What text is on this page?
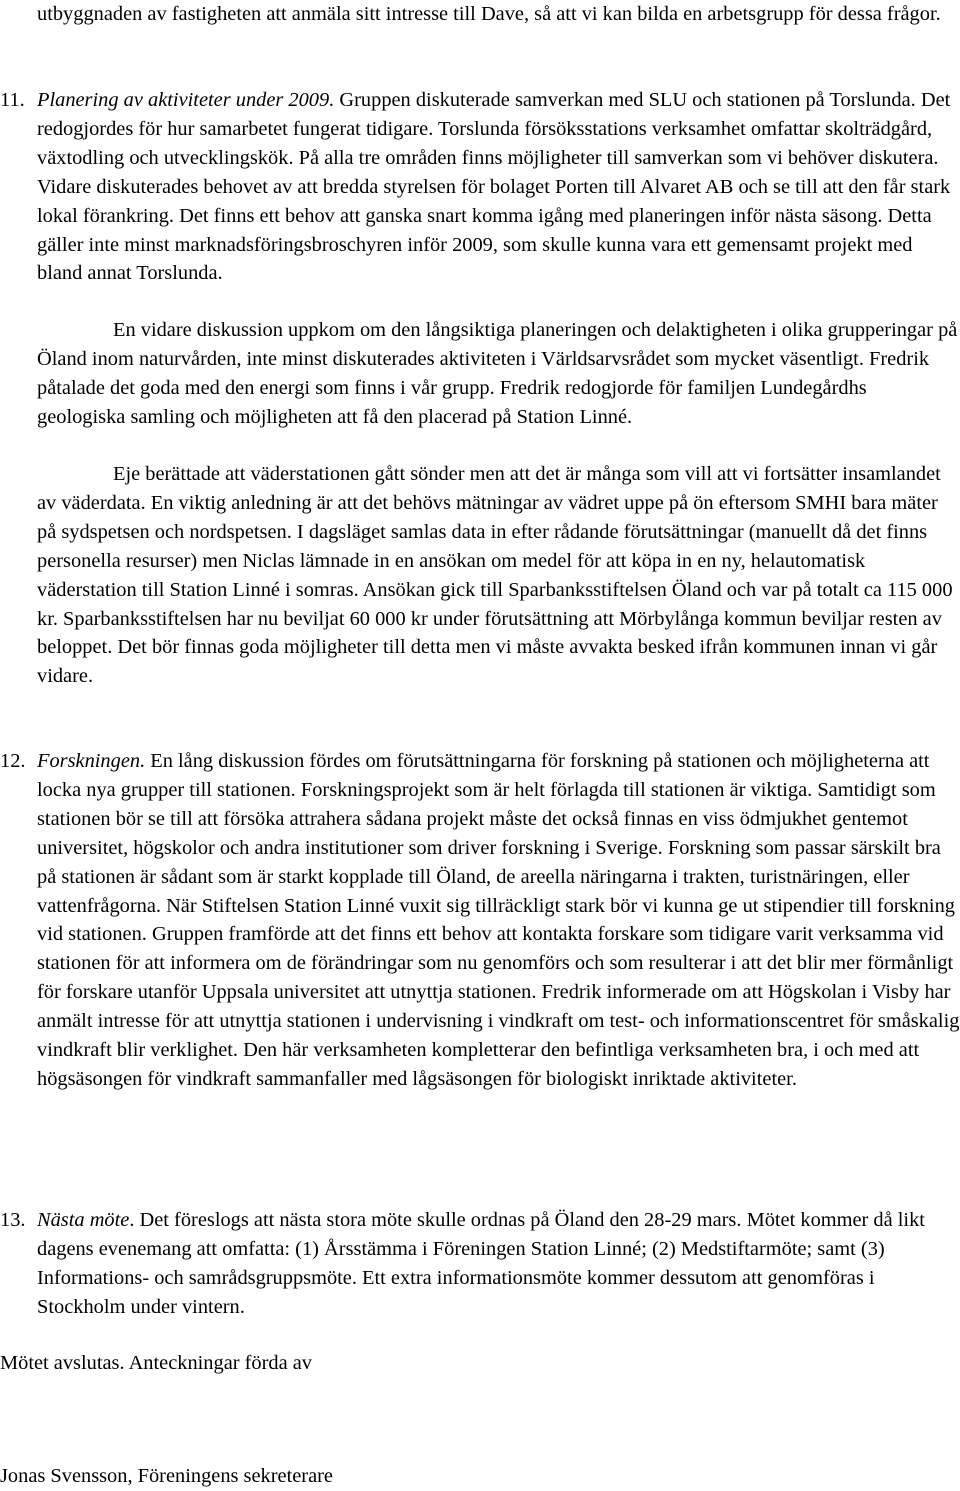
utbyggnaden av fastigheten att anmäla sitt intresse till Dave, så att vi kan bilda en arbetsgrupp för dessa frågor.

11. Planering av aktiviteter under 2009. Gruppen diskuterade samverkan med SLU och stationen på Torslunda. Det redogjordes för hur samarbetet fungerat tidigare. Torslunda försöksstations verksamhet omfattar skolträdgård, växtodling och utvecklingskök. På alla tre områden finns möjligheter till samverkan som vi behöver diskutera. Vidare diskuterades behovet av att bredda styrelsen för bolaget Porten till Alvaret AB och se till att den får stark lokal förankring. Det finns ett behov att ganska snart komma igång med planeringen inför nästa säsong. Detta gäller inte minst marknadsföringsbroschyren inför 2009, som skulle kunna vara ett gemensamt projekt med bland annat Torslunda.

En vidare diskussion uppkom om den långsiktiga planeringen och delaktigheten i olika grupperingar på Öland inom naturvården, inte minst diskuterades aktiviteten i Världsarvsrådet som mycket väsentligt. Fredrik påtalade det goda med den energi som finns i vår grupp. Fredrik redogjorde för familjen Lundegårdhs geologiska samling och möjligheten att få den placerad på Station Linné.

Eje berättade att väderstationen gått sönder men att det är många som vill att vi fortsätter insamlandet av väderdata. En viktig anledning är att det behövs mätningar av vädret uppe på ön eftersom SMHI bara mäter på sydspetsen och nordspetsen. I dagsläget samlas data in efter rådande förutsättningar (manuellt då det finns personella resurser) men Niclas lämnade in en ansökan om medel för att köpa in en ny, helautomatisk väderstation till Station Linné i somras. Ansökan gick till Sparbanksstiftelsen Öland och var på totalt ca 115 000 kr. Sparbanksstiftelsen har nu beviljat 60 000 kr under förutsättning att Mörbylånga kommun beviljar resten av beloppet. Det bör finnas goda möjligheter till detta men vi måste avvakta besked ifrån kommunen innan vi går vidare.

12. Forskningen. En lång diskussion fördes om förutsättningarna för forskning på stationen och möjligheterna att locka nya grupper till stationen. Forskningsprojekt som är helt förlagda till stationen är viktiga. Samtidigt som stationen bör se till att försöka attrahera sådana projekt måste det också finnas en viss ödmjukhet gentemot universitet, högskolor och andra institutioner som driver forskning i Sverige. Forskning som passar särskilt bra på stationen är sådant som är starkt kopplade till Öland, de areella näringarna i trakten, turistnäringen, eller vattenfrågorna. När Stiftelsen Station Linné vuxit sig tillräckligt stark bör vi kunna ge ut stipendier till forskning vid stationen. Gruppen framförde att det finns ett behov att kontakta forskare som tidigare varit verksamma vid stationen för att informera om de förändringar som nu genomförs och som resulterar i att det blir mer förmånligt för forskare utanför Uppsala universitet att utnyttja stationen. Fredrik informerade om att Högskolan i Visby har anmält intresse för att utnyttja stationen i undervisning i vindkraft om test- och informationscentret för småskalig vindkraft blir verklighet. Den här verksamheten kompletterar den befintliga verksamheten bra, i och med att högsäsongen för vindkraft sammanfaller med lågsäsongen för biologiskt inriktade aktiviteter.
13. Nästa möte. Det föreslogs att nästa stora möte skulle ordnas på Öland den 28-29 mars. Mötet kommer då likt dagens evenemang att omfatta: (1) Årsstämma i Föreningen Station Linné; (2) Medstiftarmöte; samt (3) Informations- och samrådsgruppsmöte. Ett extra informationsmöte kommer dessutom att genomföras i Stockholm under vintern.

Mötet avslutas. Anteckningar förda av

Jonas Svensson, Föreningens sekreterare
